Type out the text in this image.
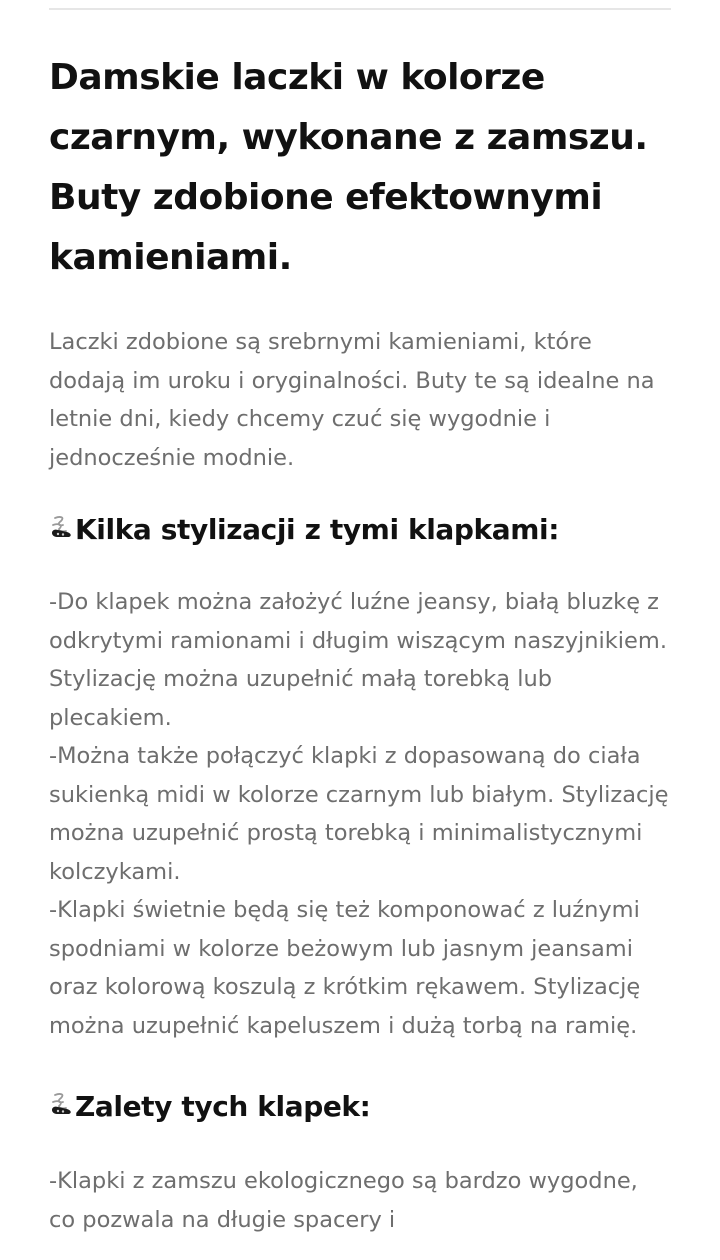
Damskie laczki w kolorze czarnym, wykonane z zamszu. Buty zdobione efektownymi kamieniami.

Laczki zdobione są srebrnymi kamieniami, które dodają im uroku i oryginalności. Buty te są idealne na letnie dni, kiedy chcemy czuć się wygodnie i jednocześnie modnie.

Kilka stylizacji z tymi klapkami:

-Do klapek można założyć luźne jeansy, białą bluzkę z odkrytymi ramionami i długim wiszącym naszyjnikiem. Stylizację można uzupełnić małą torebką lub plecakiem.

-Można także połączyć klapki z dopasowaną do ciała sukienką midi w kolorze czarnym lub białym. Stylizację można uzupełnić prostą torebką i minimalistycznymi kolczykami.

-Klapki świetnie będą się też komponować z luźnymi spodniami w kolorze beżowym lub jasnym jeansami oraz kolorową koszulą z krótkim rękawem. Stylizację można uzupełnić kapeluszem i dużą torbą na ramię.

Zalety tych klapek:

-Klapki z zamszu ekologicznego są bardzo wygodne, co pozwala na długie spacery i
